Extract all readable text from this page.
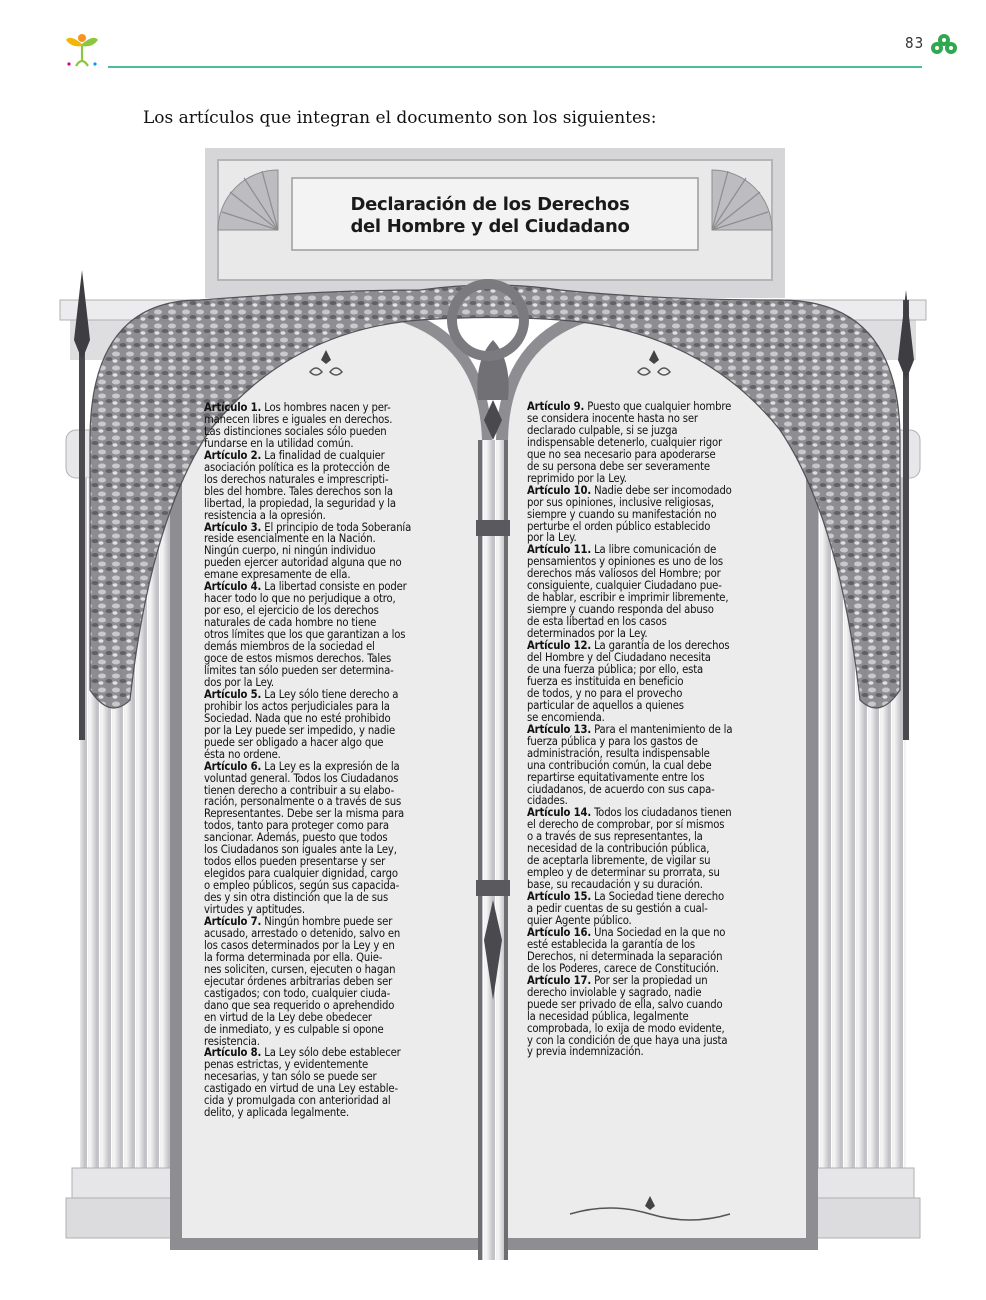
83
Los artículos que integran el documento son los siguientes:
Declaración de los Derechos
del Hombre y del Ciudadano
Artículo 1. Los hombres nacen y per-
manecen libres e iguales en derechos.
Las distinciones sociales sólo pueden
fundarse en la utilidad común.
Artículo 2. La finalidad de cualquier
asociación política es la protección de
los derechos naturales e imprescripti-
bles del hombre. Tales derechos son la
libertad, la propiedad, la seguridad y la
resistencia a la opresión.
Artículo 3. El principio de toda Soberanía
reside esencialmente en la Nación.
Ningún cuerpo, ni ningún individuo
pueden ejercer autoridad alguna que no
emane expresamente de ella.
Artículo 4. La libertad consiste en poder
hacer todo lo que no perjudique a otro,
por eso, el ejercicio de los derechos
naturales de cada hombre no tiene
otros límites que los que garantizan a los
demás miembros de la sociedad el
goce de estos mismos derechos. Tales
límites tan sólo pueden ser determina-
dos por la Ley.
Artículo 5. La Ley sólo tiene derecho a
prohibir los actos perjudiciales para la
Sociedad. Nada que no esté prohibido
por la Ley puede ser impedido, y nadie
puede ser obligado a hacer algo que
ésta no ordene.
Artículo 6. La Ley es la expresión de la
voluntad general. Todos los Ciudadanos
tienen derecho a contribuir a su elabo-
ración, personalmente o a través de sus
Representantes. Debe ser la misma para
todos, tanto para proteger como para
sancionar. Además, puesto que todos
los Ciudadanos son iguales ante la Ley,
todos ellos pueden presentarse y ser
elegidos para cualquier dignidad, cargo
o empleo públicos, según sus capacida-
des y sin otra distinción que la de sus
virtudes y aptitudes.
Artículo 7. Ningún hombre puede ser
acusado, arrestado o detenido, salvo en
los casos determinados por la Ley y en
la forma determinada por ella. Quie-
nes soliciten, cursen, ejecuten o hagan
ejecutar órdenes arbitrarias deben ser
castigados; con todo, cualquier ciuda-
dano que sea requerido o aprehendido
en virtud de la Ley debe obedecer
de inmediato, y es culpable si opone
resistencia.
Artículo 8. La Ley sólo debe establecer
penas estrictas, y evidentemente
necesarias, y tan sólo se puede ser
castigado en virtud de una Ley estable-
cida y promulgada con anterioridad al
delito, y aplicada legalmente.
Artículo 9. Puesto que cualquier hombre
se considera inocente hasta no ser
declarado culpable, si se juzga
indispensable detenerlo, cualquier rigor
que no sea necesario para apoderarse
de su persona debe ser severamente
reprimido por la Ley.
Artículo 10. Nadie debe ser incomodado
por sus opiniones, inclusive religiosas,
siempre y cuando su manifestación no
perturbe el orden público establecido
por la Ley.
Artículo 11. La libre comunicación de
pensamientos y opiniones es uno de los
derechos más valiosos del Hombre; por
consiguiente, cualquier Ciudadano pue-
de hablar, escribir e imprimir libremente,
siempre y cuando responda del abuso
de esta libertad en los casos
determinados por la Ley.
Artículo 12. La garantía de los derechos
del Hombre y del Ciudadano necesita
de una fuerza pública; por ello, esta
fuerza es instituida en beneficio
de todos, y no para el provecho
particular de aquellos a quienes
se encomienda.
Artículo 13. Para el mantenimiento de la
fuerza pública y para los gastos de
administración, resulta indispensable
una contribución común, la cual debe
repartirse equitativamente entre los
ciudadanos, de acuerdo con sus capa-
cidades.
Artículo 14. Todos los ciudadanos tienen
el derecho de comprobar, por sí mismos
o a través de sus representantes, la
necesidad de la contribución pública,
de aceptarla libremente, de vigilar su
empleo y de determinar su prorrata, su
base, su recaudación y su duración.
Artículo 15. La Sociedad tiene derecho
a pedir cuentas de su gestión a cual-
quier Agente público.
Artículo 16. Una Sociedad en la que no
esté establecida la garantía de los
Derechos, ni determinada la separación
de los Poderes, carece de Constitución.
Artículo 17. Por ser la propiedad un
derecho inviolable y sagrado, nadie
puede ser privado de ella, salvo cuando
la necesidad pública, legalmente
comprobada, lo exija de modo evidente,
y con la condición de que haya una justa
y previa indemnización.
